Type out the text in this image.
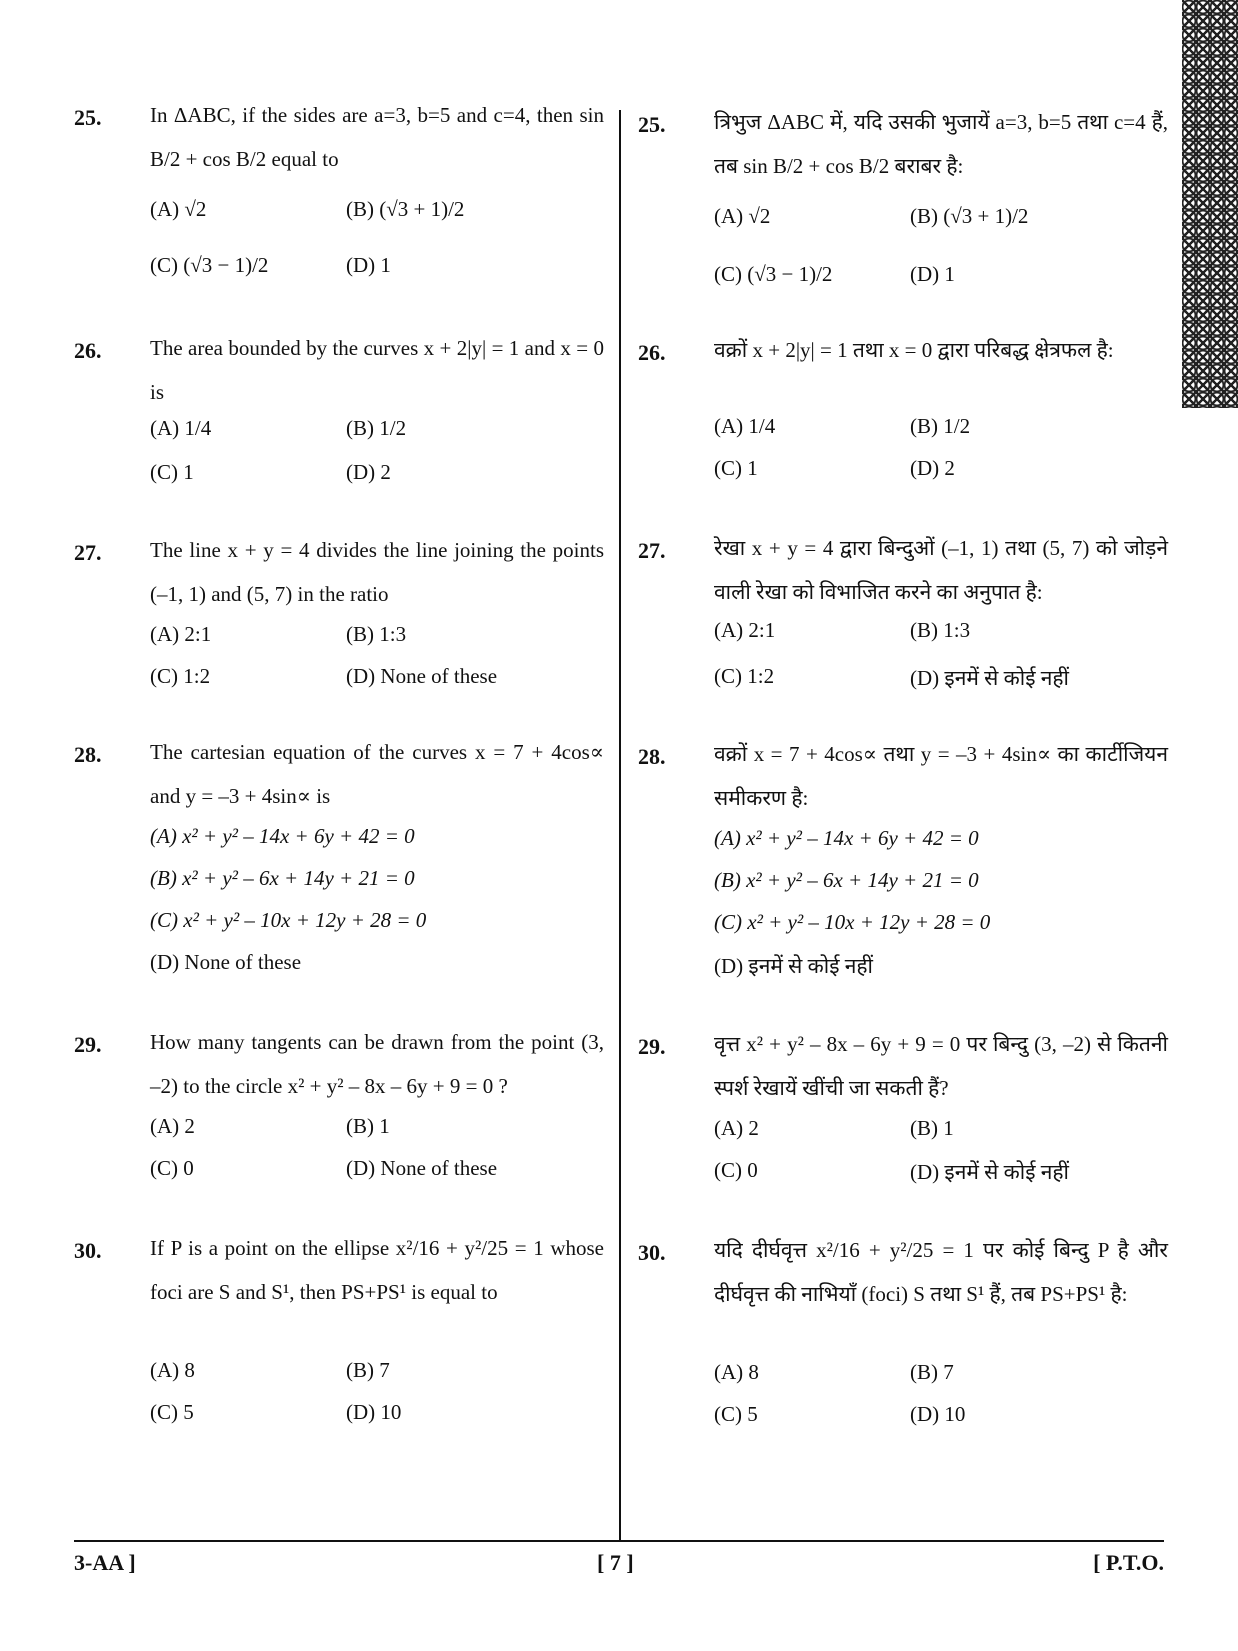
25. In ΔABC, if the sides are a=3, b=5 and c=4, then sin B/2 + cos B/2 equal to
(A) √2	(B) (√3 + 1)/2
(C) (√3 − 1)/2	(D) 1
26. The area bounded by the curves x + 2|y| = 1 and x = 0 is
(A) 1/4	(B) 1/2
(C) 1	(D) 2
27. The line x + y = 4 divides the line joining the points (–1, 1) and (5, 7) in the ratio
(A) 2:1	(B) 1:3
(C) 1:2	(D) None of these
28. The cartesian equation of the curves x = 7 + 4cos∝ and y = –3 + 4sin∝ is
(A) x² + y² – 14x + 6y + 42 = 0
(B) x² + y² – 6x + 14y + 21 = 0
(C) x² + y² – 10x + 12y + 28 = 0
(D) None of these
29. How many tangents can be drawn from the point (3, –2) to the circle x² + y² – 8x – 6y + 9 = 0 ?
(A) 2	(B) 1
(C) 0	(D) None of these
30. If P is a point on the ellipse x²/16 + y²/25 = 1 whose foci are S and S¹, then PS+PS¹ is equal to
(A) 8	(B) 7
(C) 5	(D) 10
25. त्रिभुज ΔABC में, यदि उसकी भुजायें a=3, b=5 तथा c=4 हैं, तब sin B/2 + cos B/2 बराबर है:
(A) √2	(B) (√3 + 1)/2
(C) (√3 − 1)/2	(D) 1
26. वक्रों x + 2|y| = 1 तथा x = 0 द्वारा परिबद्ध क्षेत्रफल है:
(A) 1/4	(B) 1/2
(C) 1	(D) 2
27. रेखा x + y = 4 द्वारा बिन्दुओं (–1, 1) तथा (5, 7) को जोड़ने वाली रेखा को विभाजित करने का अनुपात है:
(A) 2:1	(B) 1:3
(C) 1:2	(D) इनमें से कोई नहीं
28. वक्रों x = 7 + 4cos∝ तथा y = –3 + 4sin∝ का कार्टीजियन समीकरण है:
(A) x² + y² – 14x + 6y + 42 = 0
(B) x² + y² – 6x + 14y + 21 = 0
(C) x² + y² – 10x + 12y + 28 = 0
(D) इनमें से कोई नहीं
29. वृत्त x² + y² – 8x – 6y + 9 = 0 पर बिन्दु (3, –2) से कितनी स्पर्श रेखायें खींची जा सकती हैं?
(A) 2	(B) 1
(C) 0	(D) इनमें से कोई नहीं
30. यदि दीर्घवृत्त x²/16 + y²/25 = 1 पर कोई बिन्दु P है और दीर्घवृत्त की नाभियाँ (foci) S तथा S¹ हैं, तब PS+PS¹ है:
(A) 8	(B) 7
(C) 5	(D) 10
3-AA ]	[ 7 ]	[ P.T.O.
